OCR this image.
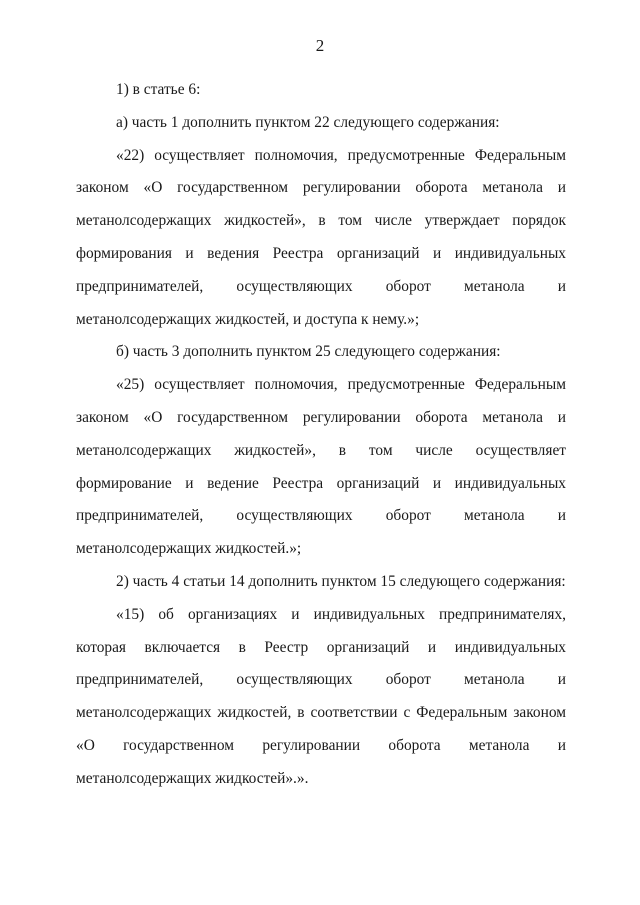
2

1) в статье 6:

а) часть 1 дополнить пунктом 22 следующего содержания:

«22) осуществляет полномочия, предусмотренные Федеральным законом «О государственном регулировании оборота метанола и метанолсодержащих жидкостей», в том числе утверждает порядок формирования и ведения Реестра организаций и индивидуальных предпринимателей, осуществляющих оборот метанола и метанолсодержащих жидкостей, и доступа к нему.»;

б) часть 3 дополнить пунктом 25 следующего содержания:

«25) осуществляет полномочия, предусмотренные Федеральным законом «О государственном регулировании оборота метанола и метанолсодержащих жидкостей», в том числе осуществляет формирование и ведение Реестра организаций и индивидуальных предпринимателей, осуществляющих оборот метанола и метанолсодержащих жидкостей.»;

2) часть 4 статьи 14 дополнить пунктом 15 следующего содержания:

«15) об организациях и индивидуальных предпринимателях, которая включается в Реестр организаций и индивидуальных предпринимателей, осуществляющих оборот метанола и метанолсодержащих жидкостей, в соответствии с Федеральным законом «О государственном регулировании оборота метанола и метанолсодержащих жидкостей».».
